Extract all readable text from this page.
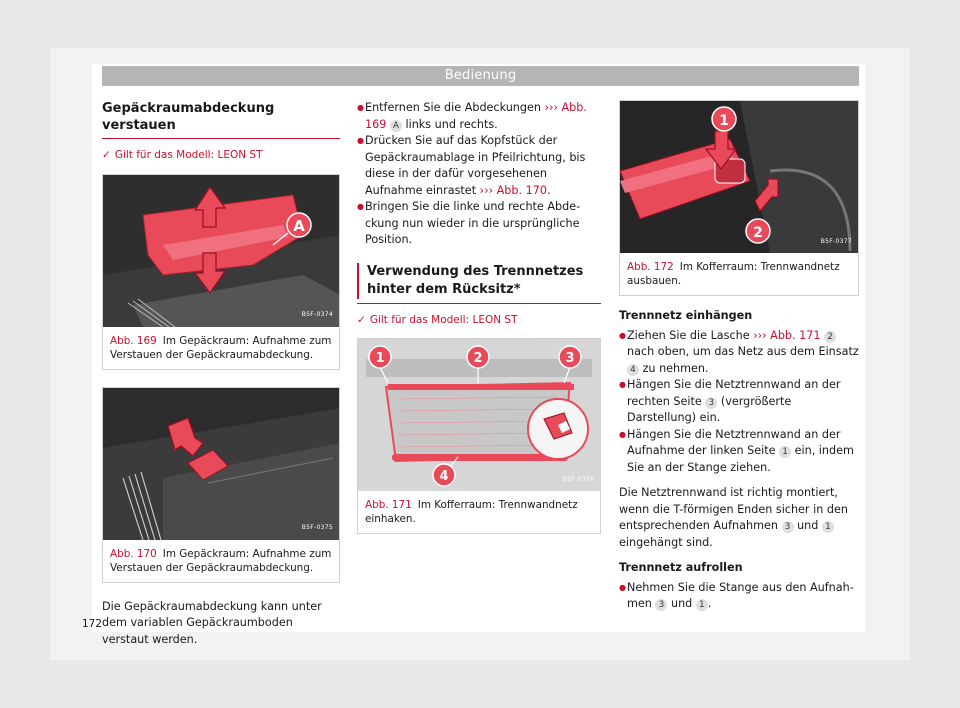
Bedienung
Gepäckraumabdeckung verstauen
✓ Gilt für das Modell: LEON ST
A
B5F-0374
Abb. 169 Im Gepäckraum: Aufnahme zum Verstauen der Gepäckraumabdeckung.
B5F-0375
Abb. 170 Im Gepäckraum: Aufnahme zum Verstauen der Gepäckraumabdeckung.
Die Gepäckraumabdeckung kann unter dem variablen Gepäckraumboden verstaut werden.
● Entfernen Sie die Abdeckungen ››› Abb. 169 A links und rechts.
● Drücken Sie auf das Kopfstück der Gepäckraumablage in Pfeilrichtung, bis diese in der dafür vorgesehenen Aufnahme einrastet ››› Abb. 170.
● Bringen Sie die linke und rechte Abdeckung nun wieder in die ursprüngliche Position.
Verwendung des Trennnetzes hinter dem Rücksitz*
✓ Gilt für das Modell: LEON ST
1	2	3
4	B5F-0376
Abb. 171 Im Kofferraum: Trennwandnetz einhaken.
1
2	B5F-0377
Abb. 172 Im Kofferraum: Trennwandnetz ausbauen.
Trennnetz einhängen
● Ziehen Sie die Lasche ››› Abb. 171 2 nach oben, um das Netz aus dem Einsatz 4 zu nehmen.
● Hängen Sie die Netztrennwand an der rechten Seite 3 (vergrößerte Darstellung) ein.
● Hängen Sie die Netztrennwand an der Aufnahme der linken Seite 1 ein, indem Sie an der Stange ziehen.
Die Netztrennwand ist richtig montiert, wenn die T-förmigen Enden sicher in den entsprechenden Aufnahmen 3 und 1 eingehängt sind.
Trennnetz aufrollen
● Nehmen Sie die Stange aus den Aufnahmen 3 und 1 .
172
